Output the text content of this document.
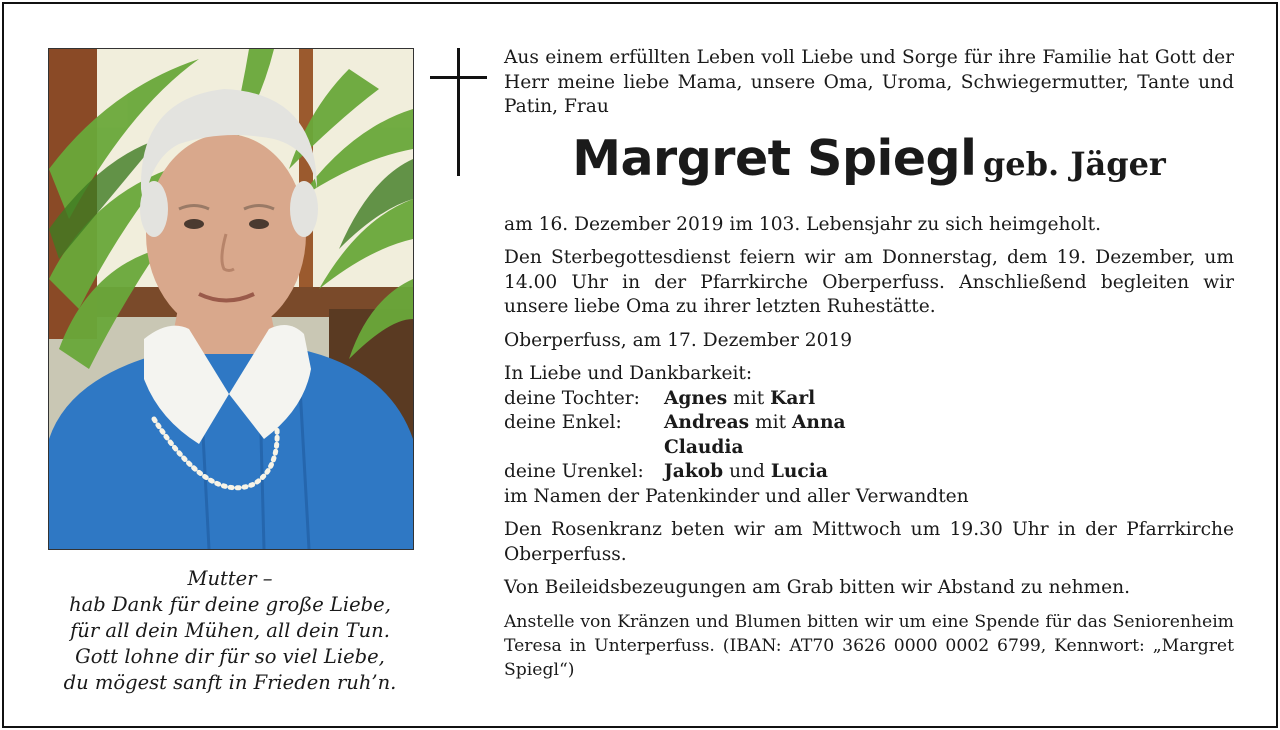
Mutter –
hab Dank für deine große Liebe,
für all dein Mühen, all dein Tun.
Gott lohne dir für so viel Liebe,
du mögest sanft in Frieden ruh’n.

Aus einem erfüllten Leben voll Liebe und Sorge für ihre Familie hat Gott der Herr meine liebe Mama, unsere Oma, Uroma, Schwiegermutter, Tante und Patin, Frau

Margret Spiegl geb. Jäger

am 16. Dezember 2019 im 103. Lebensjahr zu sich heimgeholt.

Den Sterbegottesdienst feiern wir am Donnerstag, dem 19. Dezember, um 14.00 Uhr in der Pfarrkirche Oberperfuss. Anschließend begleiten wir unsere liebe Oma zu ihrer letzten Ruhestätte.

Oberperfuss, am 17. Dezember 2019

In Liebe und Dankbarkeit:
deine Tochter:	Agnes mit Karl
deine Enkel:	Andreas mit Anna
Claudia
deine Urenkel:	Jakob und Lucia
im Namen der Patenkinder und aller Verwandten

Den Rosenkranz beten wir am Mittwoch um 19.30 Uhr in der Pfarrkirche Oberperfuss.

Von Beileidsbezeugungen am Grab bitten wir Abstand zu nehmen.

Anstelle von Kränzen und Blumen bitten wir um eine Spende für das Seniorenheim Teresa in Unterperfuss. (IBAN: AT70 3626 0000 0002 6799, Kennwort: „Margret Spiegl“)
